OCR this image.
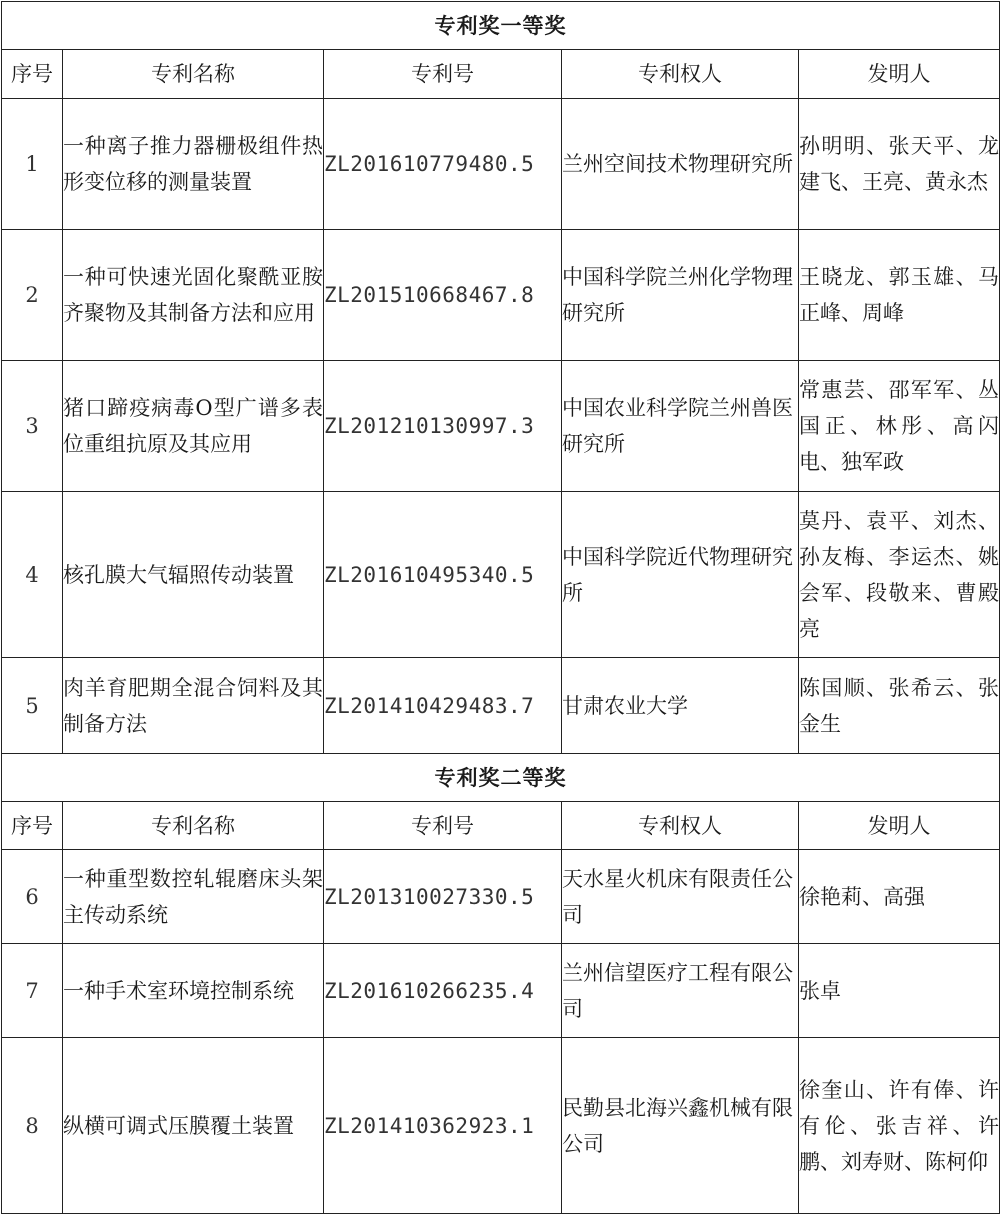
专利奖一等奖				
序号	专利名称	专利号	专利权人	发明人
1	一种离子推力器栅极组件热形变位移的测量装置	ZL201610779480.5	兰州空间技术物理研究所	孙明明、张天平、龙建飞、王亮、黄永杰
2	一种可快速光固化聚酰亚胺齐聚物及其制备方法和应用	ZL201510668467.8	中国科学院兰州化学物理研究所	王晓龙、郭玉雄、马正峰、周峰
3	猪口蹄疫病毒O型广谱多表位重组抗原及其应用	ZL201210130997.3	中国农业科学院兰州兽医研究所	常惠芸、邵军军、丛国正、林彤、高闪电、独军政
4	核孔膜大气辐照传动装置	ZL201610495340.5	中国科学院近代物理研究所	莫丹、袁平、刘杰、孙友梅、李运杰、姚会军、段敬来、曹殿亮
5	肉羊育肥期全混合饲料及其制备方法	ZL201410429483.7	甘肃农业大学	陈国顺、张希云、张金生
专利奖二等奖				
序号	专利名称	专利号	专利权人	发明人
6	一种重型数控轧辊磨床头架主传动系统	ZL201310027330.5	天水星火机床有限责任公司	徐艳莉、高强
7	一种手术室环境控制系统	ZL201610266235.4	兰州信望医疗工程有限公司	张卓
8	纵横可调式压膜覆土装置	ZL201410362923.1	民勤县北海兴鑫机械有限公司	徐奎山、许有俸、许有伦、张吉祥、许鹏、刘寿财、陈柯仰
